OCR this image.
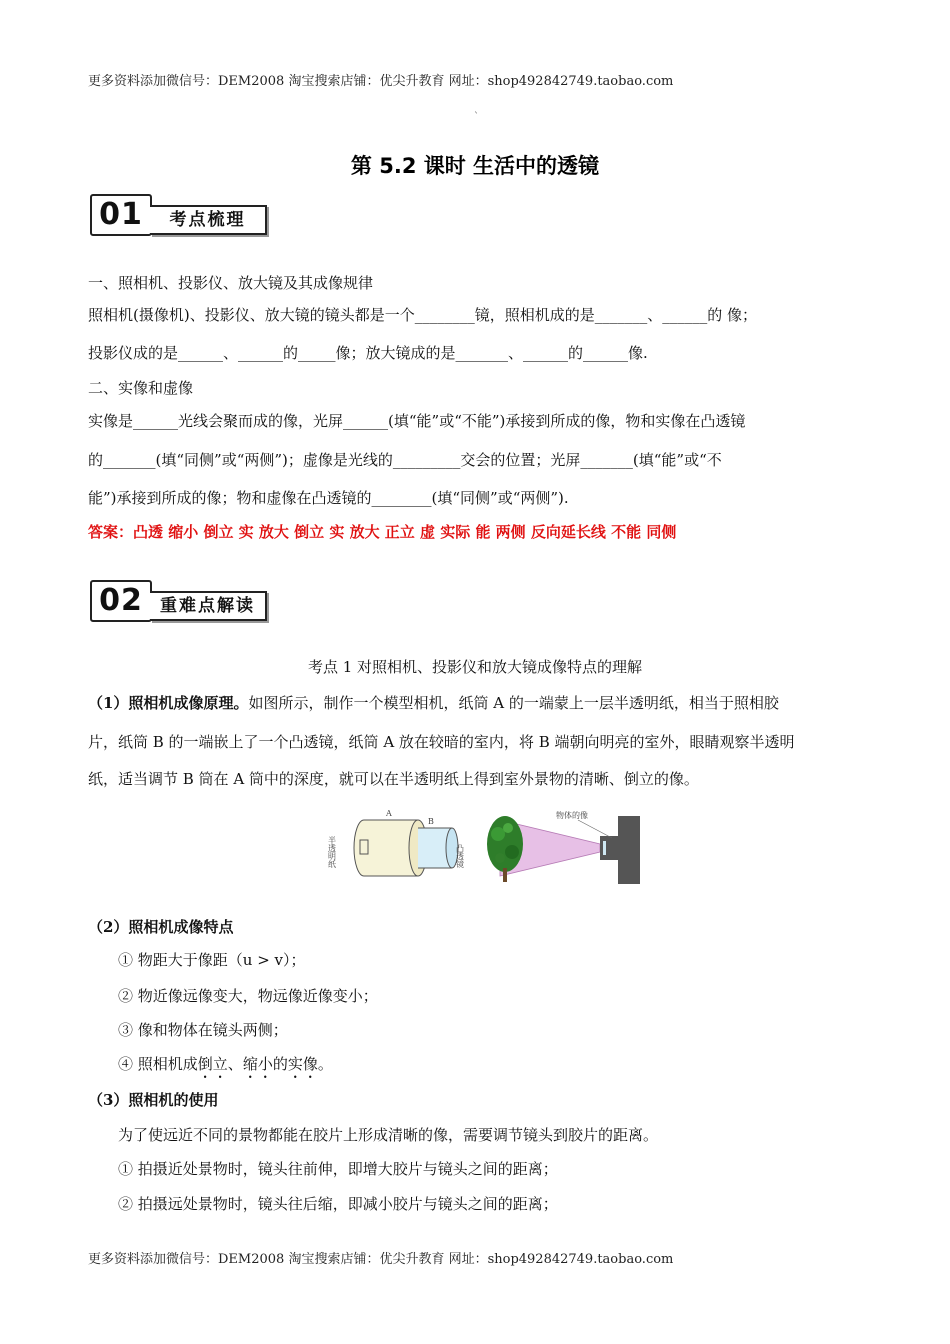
更多资料添加微信号：DEM2008 淘宝搜索店铺：优尖升教育 网址：shop492842749.taobao.com
`
第 5.2 课时 生活中的透镜
01	考点梳理
一、照相机、投影仪、放大镜及其成像规律
照相机(摄像机)、投影仪、放大镜的镜头都是一个________镜，照相机成的是_______、______的 像；
投影仪成的是______、______的_____像；放大镜成的是_______、______的______像.
二、实像和虚像
实像是______光线会聚而成的像，光屏______(填“能”或“不能”)承接到所成的像，物和实像在凸透镜
的_______(填“同侧”或“两侧”)；虚像是光线的_________交会的位置；光屏_______(填“能”或“不
能”)承接到所成的像；物和虚像在凸透镜的________(填“同侧”或“两侧”).
答案：凸透 缩小 倒立 实 放大 倒立 实 放大 正立 虚 实际 能 两侧 反向延长线 不能 同侧
02	重难点解读
考点 1 对照相机、投影仪和放大镜成像特点的理解
（1）照相机成像原理。如图所示，制作一个模型相机，纸筒 A 的一端蒙上一层半透明纸，相当于照相胶
片，纸筒 B 的一端嵌上了一个凸透镜，纸筒 A 放在较暗的室内，将 B 端朝向明亮的室外，眼睛观察半透明
纸，适当调节 B 筒在 A 筒中的深度，就可以在半透明纸上得到室外景物的清晰、倒立的像。
A
B
半透明纸	凸透镜
物体的像
（2）照相机成像特点
① 物距大于像距（u > v）；
② 物近像远像变大，物远像近像变小；
③ 像和物体在镜头两侧；
④ 照相机成倒立、缩小的实像。
（3）照相机的使用
为了使远近不同的景物都能在胶片上形成清晰的像，需要调节镜头到胶片的距离。
① 拍摄近处景物时，镜头往前伸，即增大胶片与镜头之间的距离；
② 拍摄远处景物时，镜头往后缩，即减小胶片与镜头之间的距离；
更多资料添加微信号：DEM2008 淘宝搜索店铺：优尖升教育 网址：shop492842749.taobao.com
